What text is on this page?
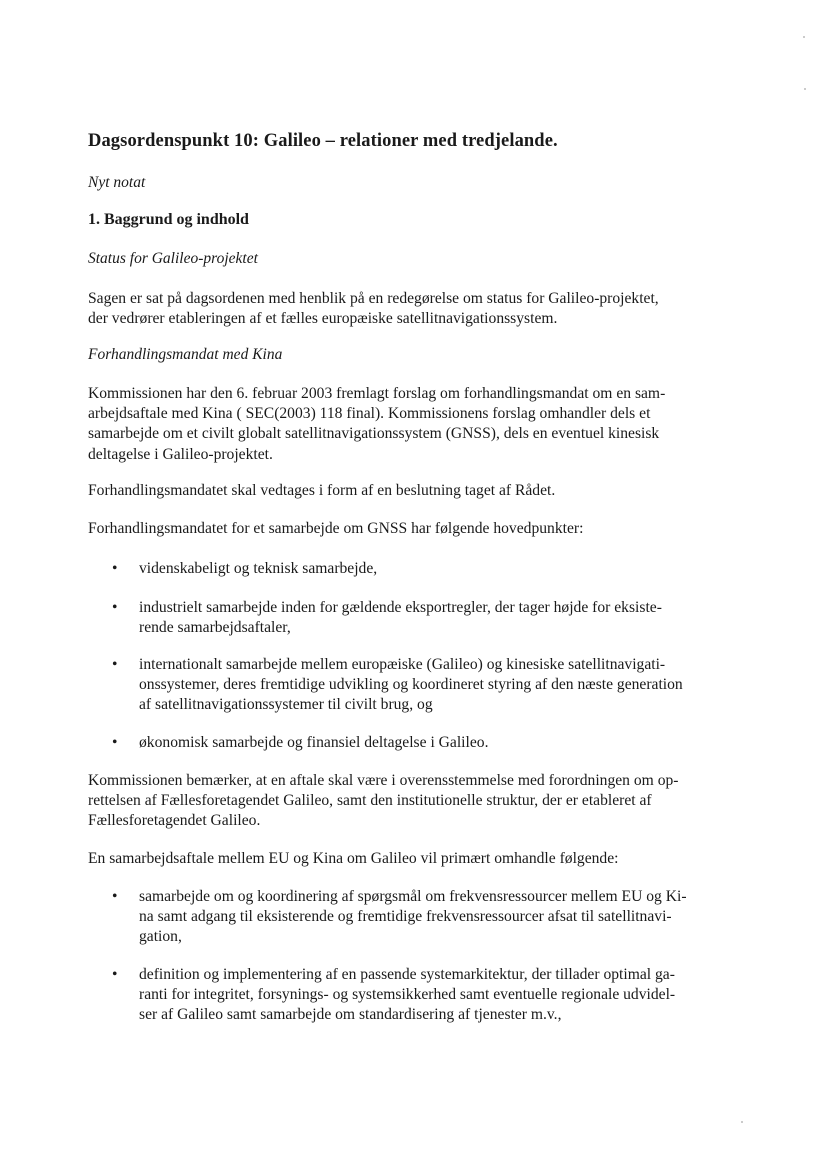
Dagsordenspunkt 10: Galileo – relationer med tredjelande.
Nyt notat
1. Baggrund og indhold
Status for Galileo-projektet
Sagen er sat på dagsordenen med henblik på en redegørelse om status for Galileo-projektet,
der vedrører etableringen af et fælles europæiske satellitnavigationssystem.
Forhandlingsmandat med Kina
Kommissionen har den 6. februar 2003 fremlagt forslag om forhandlingsmandat om en sam-
arbejdsaftale med Kina ( SEC(2003) 118 final). Kommissionens forslag omhandler dels et
samarbejde om et civilt globalt satellitnavigationssystem (GNSS), dels en eventuel kinesisk
deltagelse i Galileo-projektet.
Forhandlingsmandatet skal vedtages i form af en beslutning taget af Rådet.
Forhandlingsmandatet for et samarbejde om GNSS har følgende hovedpunkter:
• videnskabeligt og teknisk samarbejde,
• industrielt samarbejde inden for gældende eksportregler, der tager højde for eksiste-
rende samarbejdsaftaler,
• internationalt samarbejde mellem europæiske (Galileo) og kinesiske satellitnavigati-
onssystemer, deres fremtidige udvikling og koordineret styring af den næste generation
af satellitnavigationssystemer til civilt brug, og
• økonomisk samarbejde og finansiel deltagelse i Galileo.
Kommissionen bemærker, at en aftale skal være i overensstemmelse med forordningen om op-
rettelsen af Fællesforetagendet Galileo, samt den institutionelle struktur, der er etableret af
Fællesforetagendet Galileo.
En samarbejdsaftale mellem EU og Kina om Galileo vil primært omhandle følgende:
• samarbejde om og koordinering af spørgsmål om frekvensressourcer mellem EU og Ki-
na samt adgang til eksisterende og fremtidige frekvensressourcer afsat til satellitnavi-
gation,
• definition og implementering af en passende systemarkitektur, der tillader optimal ga-
ranti for integritet, forsynings- og systemsikkerhed samt eventuelle regionale udvidel-
ser af Galileo samt samarbejde om standardisering af tjenester m.v.,
